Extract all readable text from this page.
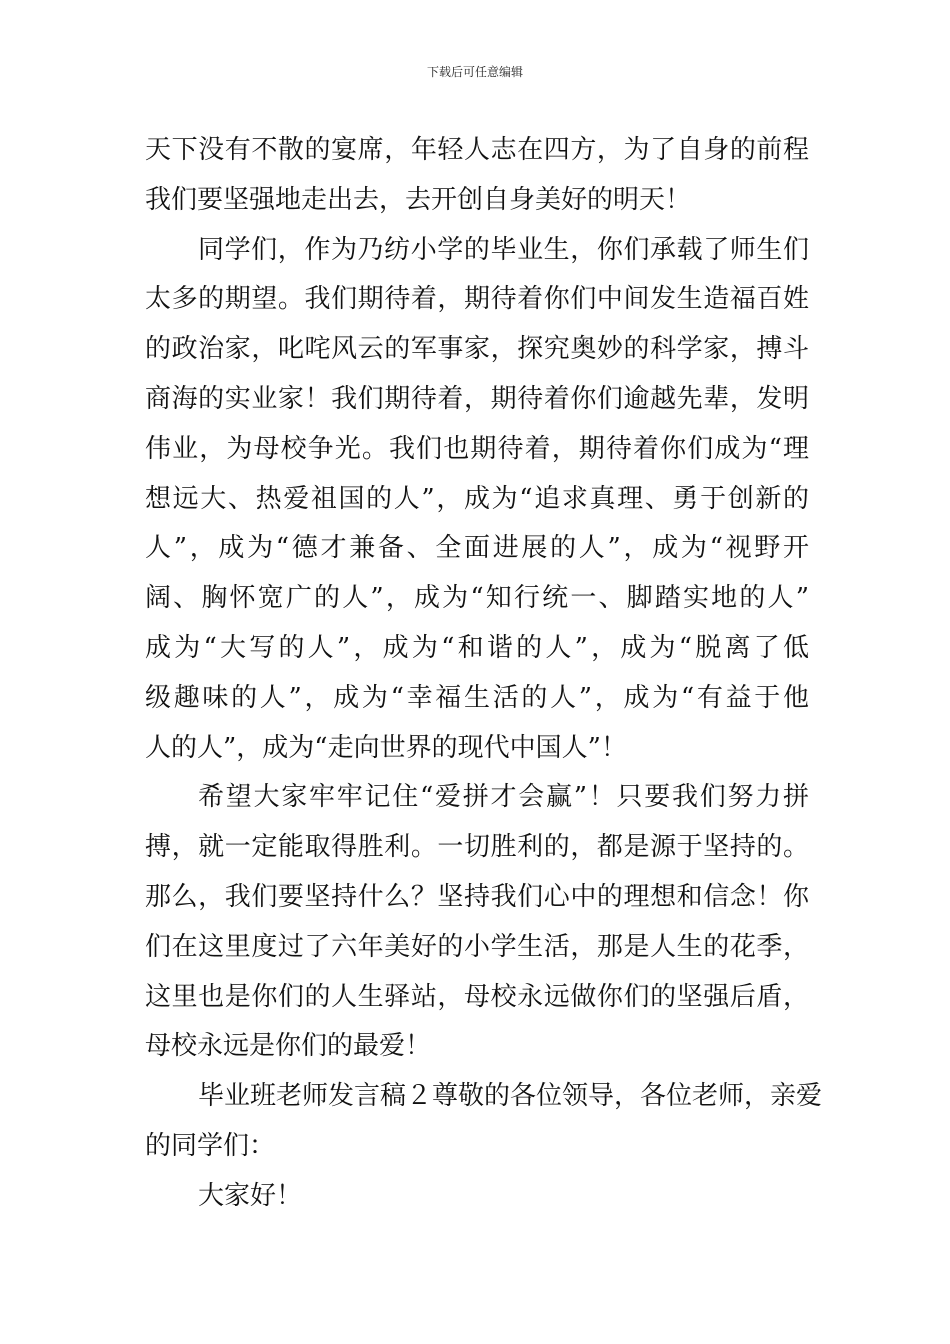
下载后可任意编辑
天下没有不散的宴席，年轻人志在四方，为了自身的前程
我们要坚强地走出去，去开创自身美好的明天！
同学们，作为乃纺小学的毕业生，你们承载了师生们
太多的期望。我们期待着，期待着你们中间发生造福百姓
的政治家，叱咤风云的军事家，探究奥妙的科学家，搏斗
商海的实业家！我们期待着，期待着你们逾越先辈，发明
伟业，为母校争光。我们也期待着，期待着你们成为“理
想远大、热爱祖国的人”，成为“追求真理、勇于创新的
人”，成为“德才兼备、全面进展的人”，成为“视野开
阔、胸怀宽广的人”，成为“知行统一、脚踏实地的人”
成为“大写的人”，成为“和谐的人”，成为“脱离了低
级趣味的人”，成为“幸福生活的人”，成为“有益于他
人的人”，成为“走向世界的现代中国人”！
希望大家牢牢记住“爱拼才会赢”！只要我们努力拼
搏，就一定能取得胜利。一切胜利的，都是源于坚持的。
那么，我们要坚持什么？坚持我们心中的理想和信念！你
们在这里度过了六年美好的小学生活，那是人生的花季，
这里也是你们的人生驿站，母校永远做你们的坚强后盾，
母校永远是你们的最爱！
毕业班老师发言稿２尊敬的各位领导，各位老师，亲爱
的同学们：
大家好！
